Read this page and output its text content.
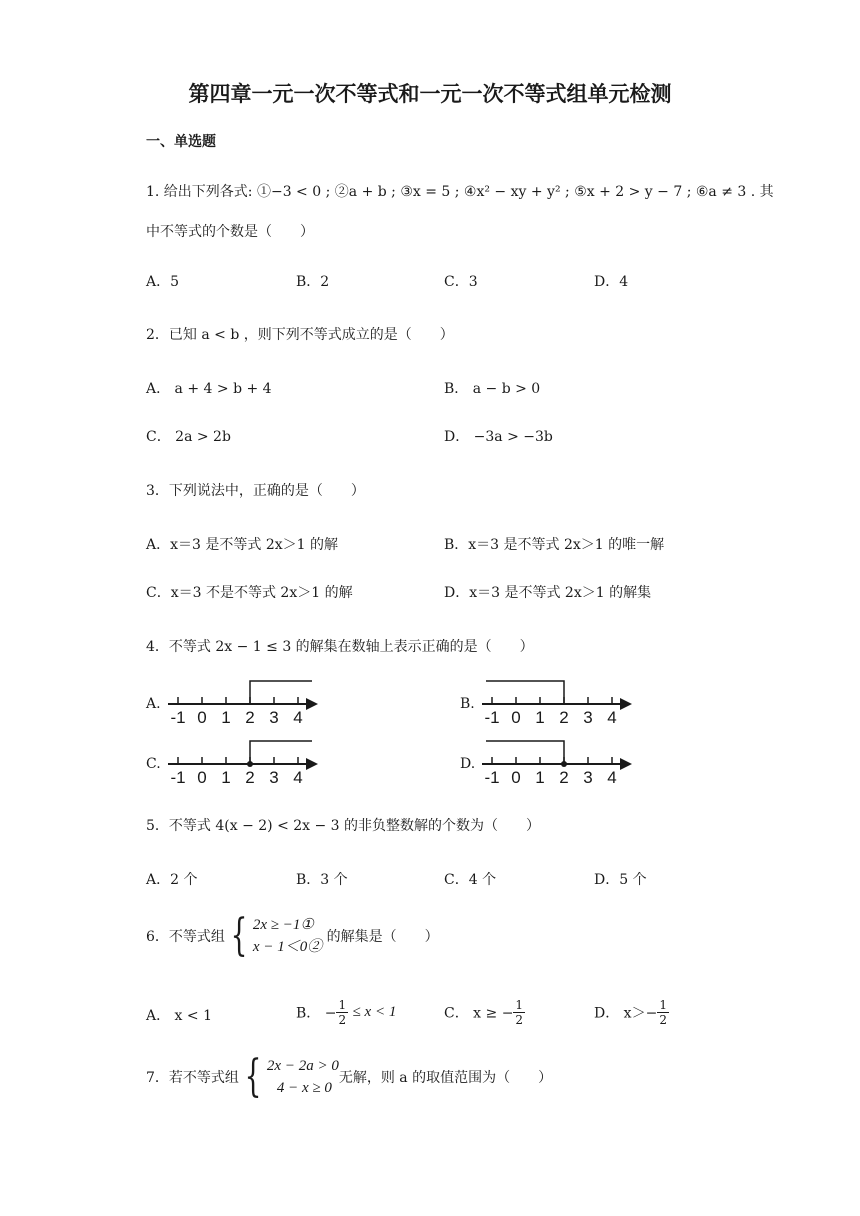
第四章一元一次不等式和一元一次不等式组单元检测
一、单选题
1. 给出下列各式: ①−3 < 0 ; ②a + b ; ③x = 5 ; ④x² − xy + y² ; ⑤x + 2 > y − 7 ; ⑥a ≠ 3 . 其
中不等式的个数是（　　）
A．5	B．2	C．3	D．4
2．已知 a < b ，则下列不等式成立的是（　　）
A． a + 4 > b + 4	B． a − b > 0
C． 2a > 2b	D． −3a > −3b
3．下列说法中，正确的是（　　）
A．x＝3 是不等式 2x＞1 的解	B．x＝3 是不等式 2x＞1 的唯一解
C．x＝3 不是不等式 2x＞1 的解	D．x＝3 是不等式 2x＞1 的解集
4．不等式 2x − 1 ≤ 3 的解集在数轴上表示正确的是（　　）
A.
-1 0 1 2 3 4
B.
-1 0 1 2 3 4
C.
-1 0 1 2 3 4
D.
-1 0 1 2 3 4
5．不等式 4(x − 2) < 2x − 3 的非负整数解的个数为（　　）
A．2 个	B．3 个	C．4 个	D．5 个
6．不等式组 { 2x ≥ −1①
x − 1＜0②
的解集是（　　）
A． x < 1	B． − $\frac{1}{2} \le x < 1$	C． x ≥ − $\frac{1}{2}$	D． $x>- \frac{1}{2}$
7．若不等式组 { 2x − 2a > 0
4 − x ≥ 0
无解，则 a 的取值范围为（　　）
